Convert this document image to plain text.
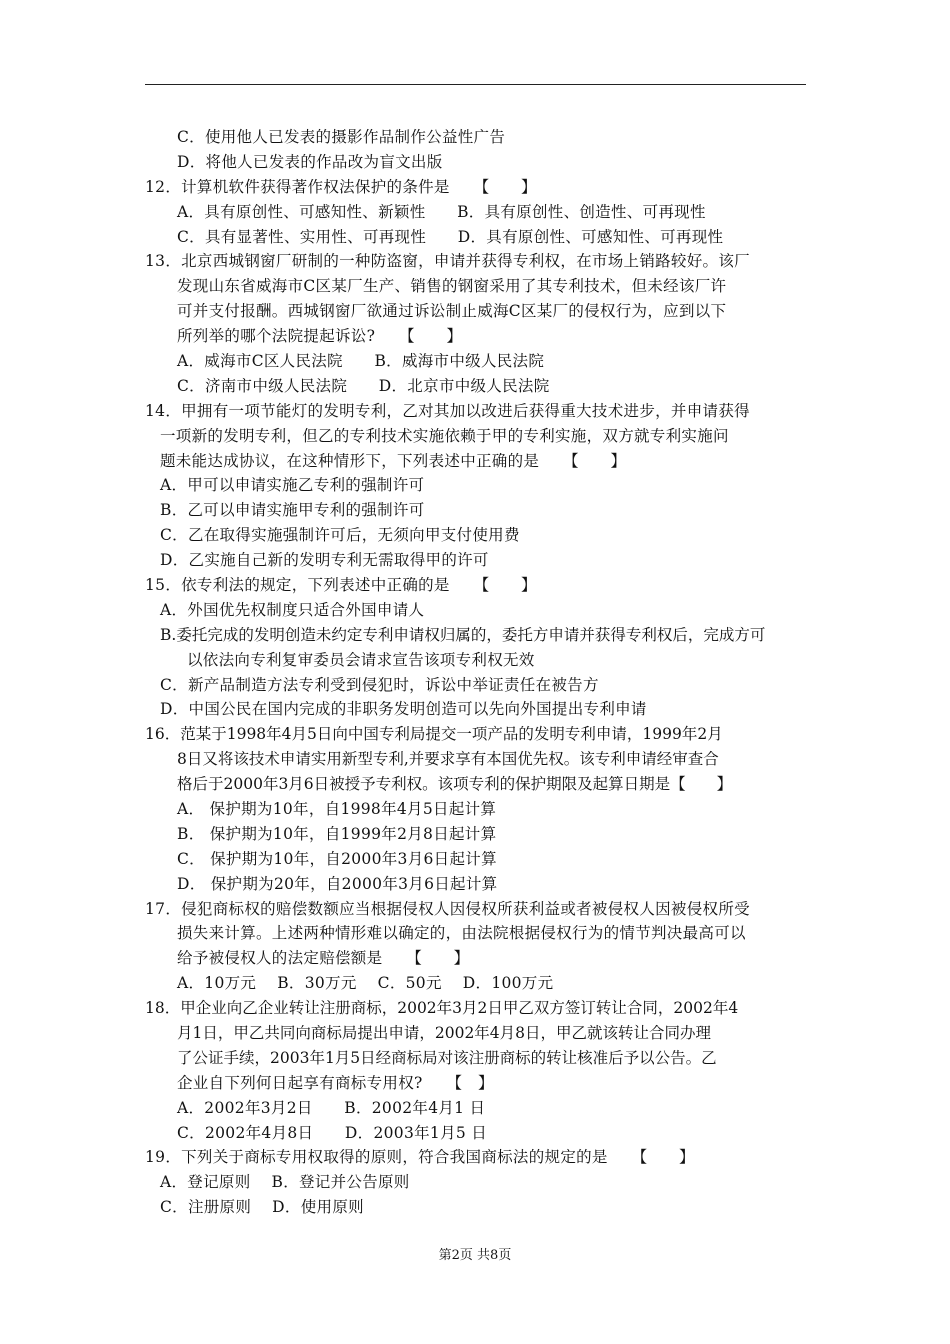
C．使用他人已发表的摄影作品制作公益性广告
D．将他人已发表的作品改为盲文出版
12．计算机软件获得著作权法保护的条件是　　【　　】
A．具有原创性、可感知性、新颖性　　B．具有原创性、创造性、可再现性
C．具有显著性、实用性、可再现性　　D．具有原创性、可感知性、可再现性
13．北京西城钢窗厂研制的一种防盗窗，申请并获得专利权，在市场上销路较好。该厂
发现山东省威海市C区某厂生产、销售的钢窗采用了其专利技术，但未经该厂许
可并支付报酬。西城钢窗厂欲通过诉讼制止威海C区某厂的侵权行为，应到以下
所列举的哪个法院提起诉讼?　　【　　】
A．威海市C区人民法院　　B．威海市中级人民法院
C．济南市中级人民法院　　D．北京市中级人民法院
14．甲拥有一项节能灯的发明专利，乙对其加以改进后获得重大技术进步，并申请获得
一项新的发明专利，但乙的专利技术实施依赖于甲的专利实施，双方就专利实施问
题未能达成协议，在这种情形下，下列表述中正确的是　　【　　】
A．甲可以申请实施乙专利的强制许可
B．乙可以申请实施甲专利的强制许可
C．乙在取得实施强制许可后，无须向甲支付使用费
D．乙实施自己新的发明专利无需取得甲的许可
15．依专利法的规定，下列表述中正确的是　　【　　】
A．外国优先权制度只适合外国申请人
B.委托完成的发明创造未约定专利申请权归属的，委托方申请并获得专利权后，完成方可
以依法向专利复审委员会请求宣告该项专利权无效
C．新产品制造方法专利受到侵犯时，诉讼中举证责任在被告方
D．中国公民在国内完成的非职务发明创造可以先向外国提出专利申请
16．范某于1998年4月5日向中国专利局提交一项产品的发明专利申请，1999年2月
8日又将该技术申请实用新型专利,并要求享有本国优先权。该专利申请经审查合
格后于2000年3月6日被授予专利权。该项专利的保护期限及起算日期是【　　】
A． 保护期为10年，自1998年4月5日起计算
B． 保护期为10年，自1999年2月8日起计算
C． 保护期为10年，自2000年3月6日起计算
D． 保护期为20年，自2000年3月6日起计算
17．侵犯商标权的赔偿数额应当根据侵权人因侵权所获利益或者被侵权人因被侵权所受
损失来计算。上述两种情形难以确定的，由法院根据侵权行为的情节判决最高可以
给予被侵权人的法定赔偿额是　　【　　】
A．10万元　 B．30万元　 C．50元　 D．100万元
18．甲企业向乙企业转让注册商标，2002年3月2日甲乙双方签订转让合同，2002年4
月1日，甲乙共同向商标局提出申请，2002年4月8日，甲乙就该转让合同办理
了公证手续，2003年1月5日经商标局对该注册商标的转让核准后予以公告。乙
企业自下列何日起享有商标专用权?　　【　】
A．2002年3月2日　　B．2002年4月1 日
C．2002年4月8日　　D．2003年1月5 日
19．下列关于商标专用权取得的原则，符合我国商标法的规定的是　　【　　】
A．登记原则　 B．登记并公告原则
C．注册原则　 D．使用原则
第2页 共8页
